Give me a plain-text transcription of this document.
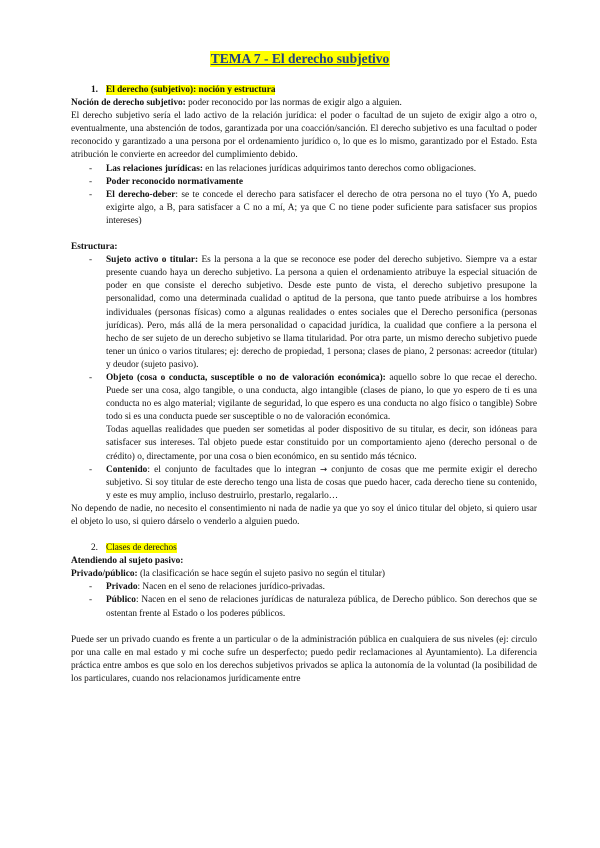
TEMA 7 - El derecho subjetivo
1. El derecho (subjetivo): noción y estructura

Noción de derecho subjetivo: poder reconocido por las normas de exigir algo a alguien.

El derecho subjetivo sería el lado activo de la relación jurídica: el poder o facultad de un sujeto de exigir algo a otro o, eventualmente, una abstención de todos, garantizada por una coacción/sanción. El derecho subjetivo es una facultad o poder reconocido y garantizado a una persona por el ordenamiento jurídico o, lo que es lo mismo, garantizado por el Estado. Esta atribución le convierte en acreedor del cumplimiento debido.

- Las relaciones jurídicas: en las relaciones jurídicas adquirimos tanto derechos como obligaciones.
- Poder reconocido normativamente
- El derecho-deber: se te concede el derecho para satisfacer el derecho de otra persona no el tuyo (Yo A, puedo exigirte algo, a B, para satisfacer a C no a mí, A; ya que C no tiene poder suficiente para satisfacer sus propios intereses)

Estructura:

- Sujeto activo o titular: Es la persona a la que se reconoce ese poder del derecho subjetivo. Siempre va a estar presente cuando haya un derecho subjetivo. La persona a quien el ordenamiento atribuye la especial situación de poder en que consiste el derecho subjetivo. Desde este punto de vista, el derecho subjetivo presupone la personalidad, como una determinada cualidad o aptitud de la persona, que tanto puede atribuirse a los hombres individuales (personas físicas) como a algunas realidades o entes sociales que el Derecho personifica (personas jurídicas). Pero, más allá de la mera personalidad o capacidad jurídica, la cualidad que confiere a la persona el hecho de ser sujeto de un derecho subjetivo se llama titularidad. Por otra parte, un mismo derecho subjetivo puede tener un único o varios titulares; ej: derecho de propiedad, 1 persona; clases de piano, 2 personas: acreedor (titular) y deudor (sujeto pasivo).
- Objeto (cosa o conducta, susceptible o no de valoración económica): aquello sobre lo que recae el derecho. Puede ser una cosa, algo tangible, o una conducta, algo intangible (clases de piano, lo que yo espero de ti es una conducta no es algo material; vigilante de seguridad, lo que espero es una conducta no algo físico o tangible) Sobre todo si es una conducta puede ser susceptible o no de valoración económica.

Todas aquellas realidades que pueden ser sometidas al poder dispositivo de su titular, es decir, son idóneas para satisfacer sus intereses. Tal objeto puede estar constituido por un comportamiento ajeno (derecho personal o de crédito) o, directamente, por una cosa o bien económico, en su sentido más técnico.

- Contenido: el conjunto de facultades que lo integran → conjunto de cosas que me permite exigir el derecho subjetivo. Si soy titular de este derecho tengo una lista de cosas que puedo hacer, cada derecho tiene su contenido, y este es muy amplio, incluso destruirlo, prestarlo, regalarlo…

No dependo de nadie, no necesito el consentimiento ni nada de nadie ya que yo soy el único titular del objeto, si quiero usar el objeto lo uso, si quiero dárselo o venderlo a alguien puedo.

2. Clases de derechos

Atendiendo al sujeto pasivo:

Privado/público: (la clasificación se hace según el sujeto pasivo no según el titular)

- Privado: Nacen en el seno de relaciones jurídico-privadas.
- Público: Nacen en el seno de relaciones jurídicas de naturaleza pública, de Derecho público. Son derechos que se ostentan frente al Estado o los poderes públicos.

Puede ser un privado cuando es frente a un particular o de la administración pública en cualquiera de sus niveles (ej: circulo por una calle en mal estado y mi coche sufre un desperfecto; puedo pedir reclamaciones al Ayuntamiento). La diferencia práctica entre ambos es que solo en los derechos subjetivos privados se aplica la autonomía de la voluntad (la posibilidad de los particulares, cuando nos relacionamos jurídicamente entre
